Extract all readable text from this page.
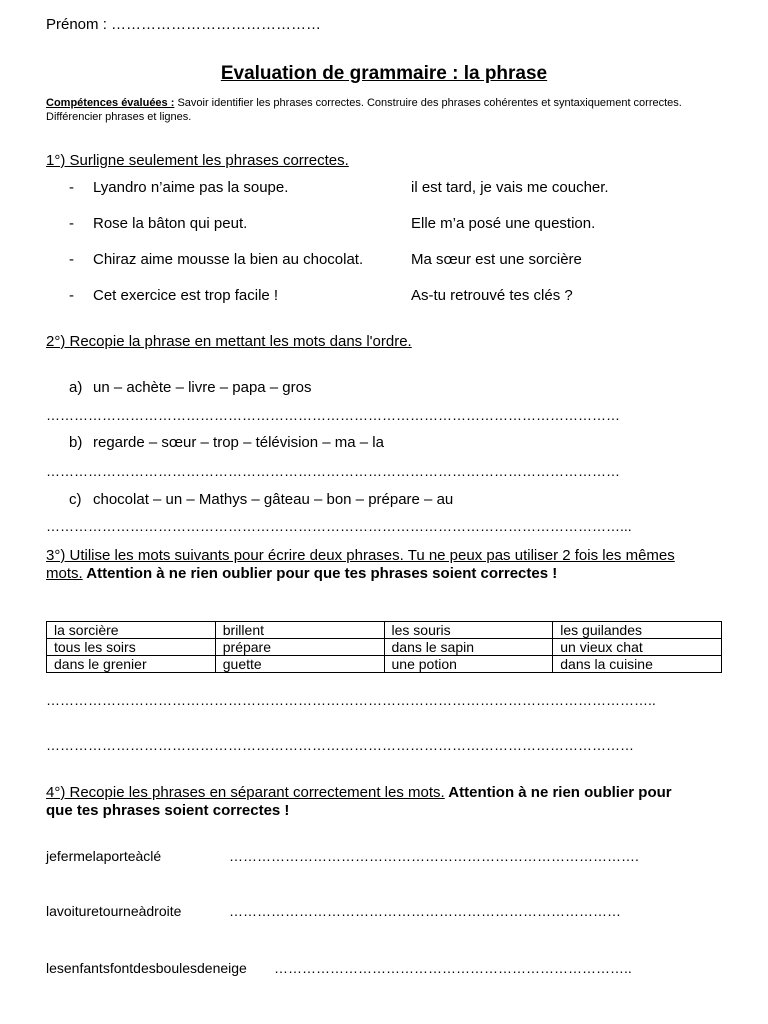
Prénom : ……………………………………
Evaluation de grammaire : la phrase
Compétences évaluées : Savoir identifier les phrases correctes. Construire des phrases cohérentes et syntaxiquement correctes.
Différencier phrases et lignes.
1°) Surligne seulement les phrases correctes.
- Lyandro n’aime pas la soupe.	il est tard, je vais me coucher.
- Rose la bâton qui peut.	Elle m’a posé une question.
- Chiraz aime mousse la bien au chocolat.	Ma sœur est une sorcière
- Cet exercice est trop facile !	As-tu retrouvé tes clés ?
2°) Recopie la phrase en mettant les mots dans l'ordre.
a) un – achète – livre – papa – gros
……………………………………………………………………………………………………………
b) regarde – sœur – trop – télévision – ma – la
……………………………………………………………………………………………………………
c) chocolat – un – Mathys – gâteau – bon – prépare – au
……………………………………………………………………………………………………………...
3°) Utilise les mots suivants pour écrire deux phrases. Tu ne peux pas utiliser 2 fois les mêmes
mots. Attention à ne rien oublier pour que tes phrases soient correctes !
la sorcière	brillent	les souris	les guilandes
tous les soirs	prépare	dans le sapin	un vieux chat
dans le grenier	guette	une potion	dans la cuisine
…………………………………………………………………………………………………………………..
………………………………………………………………………………………………………………
4°) Recopie les phrases en séparant correctement les mots. Attention à ne rien oublier pour
que tes phrases soient correctes !
jefermelaporteàclé	…………………………………………………………………………….
lavoituretourneàdroite	…………………………………………………………………………
lesenfantsfontdesboulesdeneige …………………………………………………………………..
